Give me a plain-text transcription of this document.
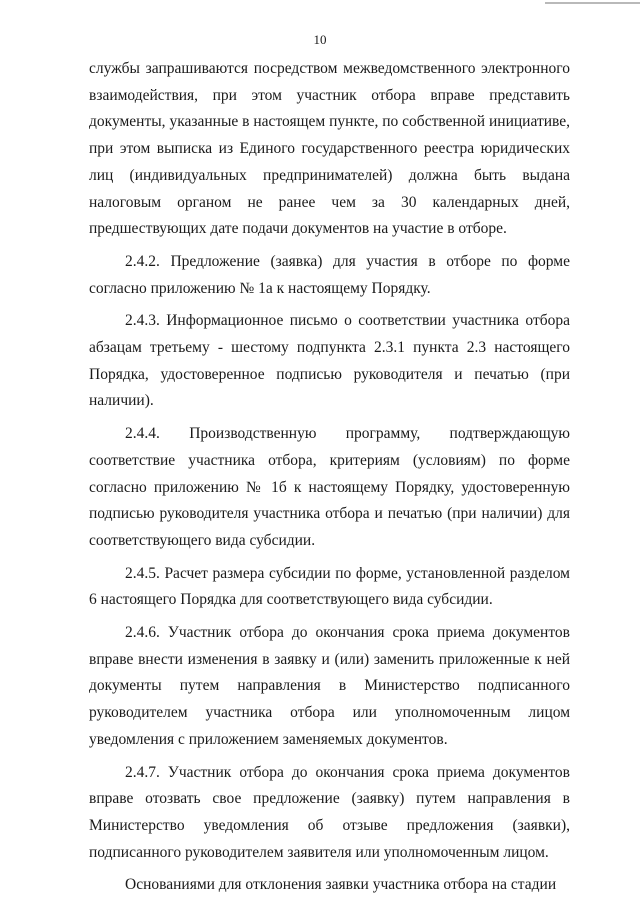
10

службы запрашиваются посредством межведомственного электронного взаимодействия, при этом участник отбора вправе представить документы, указанные в настоящем пункте, по собственной инициативе, при этом выписка из Единого государственного реестра юридических лиц (индивидуальных предпринимателей) должна быть выдана налоговым органом не ранее чем за 30 календарных дней, предшествующих дате подачи документов на участие в отборе.

2.4.2. Предложение (заявка) для участия в отборе по форме согласно приложению № 1а к настоящему Порядку.

2.4.3. Информационное письмо о соответствии участника отбора абзацам третьему - шестому подпункта 2.3.1 пункта 2.3 настоящего Порядка, удостоверенное подписью руководителя и печатью (при наличии).

2.4.4. Производственную программу, подтверждающую соответствие участника отбора, критериям (условиям) по форме согласно приложению № 1б к настоящему Порядку, удостоверенную подписью руководителя участника отбора и печатью (при наличии) для соответствующего вида субсидии.

2.4.5. Расчет размера субсидии по форме, установленной разделом 6 настоящего Порядка для соответствующего вида субсидии.

2.4.6. Участник отбора до окончания срока приема документов вправе внести изменения в заявку и (или) заменить приложенные к ней документы путем направления в Министерство подписанного руководителем участника отбора или уполномоченным лицом уведомления с приложением заменяемых документов.

2.4.7. Участник отбора до окончания срока приема документов вправе отозвать свое предложение (заявку) путем направления в Министерство уведомления об отзыве предложения (заявки), подписанного руководителем заявителя или уполномоченным лицом.

Основаниями для отклонения заявки участника отбора на стадии
